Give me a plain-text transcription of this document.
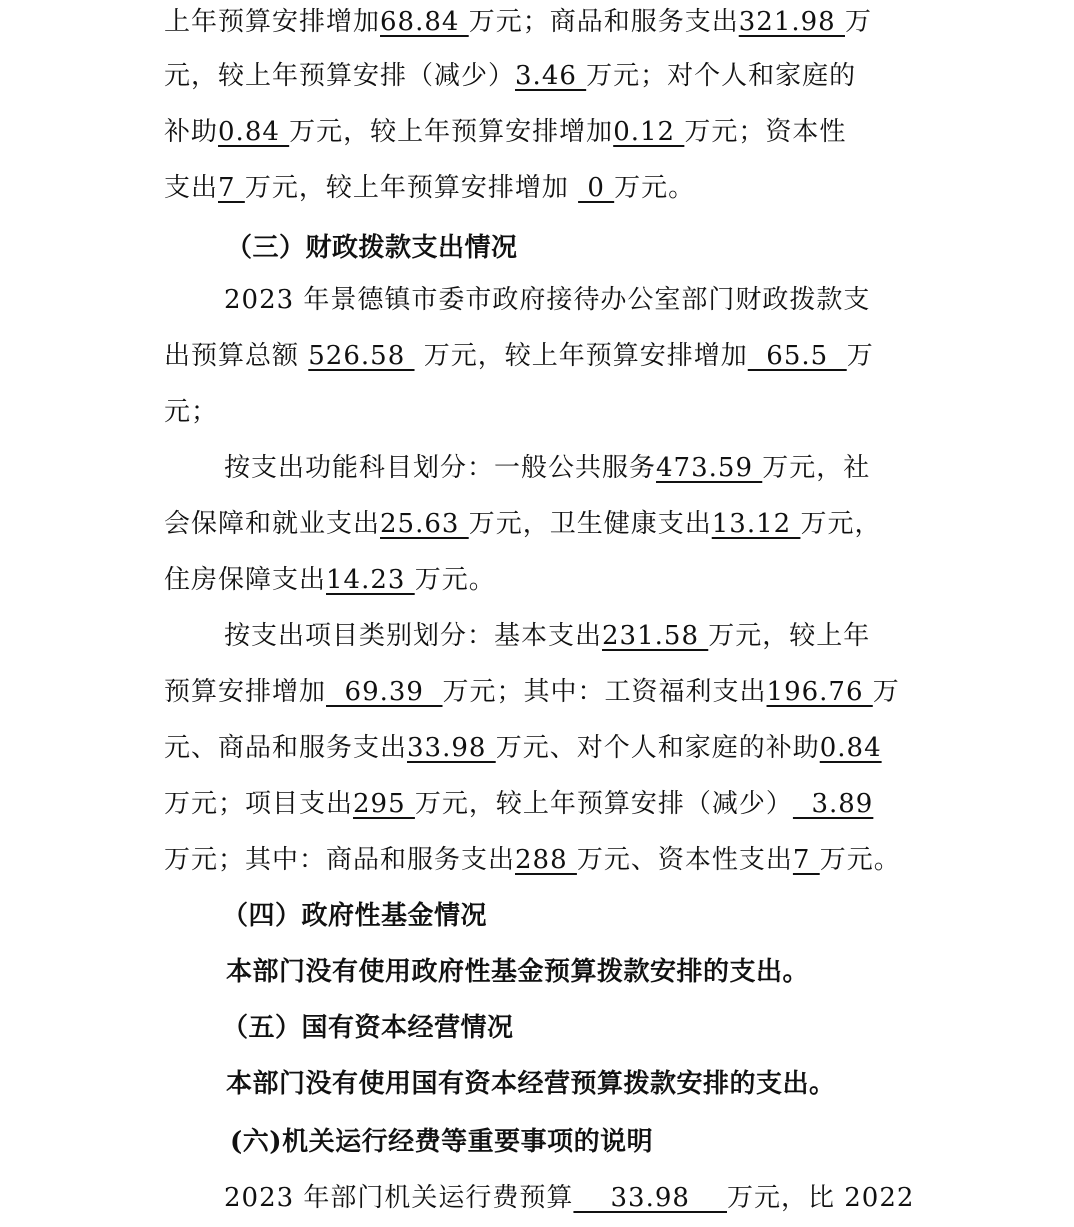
上年预算安排增加68.84 万元；商品和服务支出321.98 万
元，较上年预算安排（减少）3.46 万元；对个人和家庭的
补助0.84 万元，较上年预算安排增加0.12 万元；资本性
支出7 万元，较上年预算安排增加  0 万元。
（三）财政拨款支出情况
2023 年景德镇市委市政府接待办公室部门财政拨款支
出预算总额 526.58  万元，较上年预算安排增加  65.5  万
元；
按支出功能科目划分：一般公共服务473.59 万元，社
会保障和就业支出25.63 万元，卫生健康支出13.12 万元，
住房保障支出14.23 万元。
按支出项目类别划分：基本支出231.58 万元，较上年
预算安排增加  69.39  万元；其中：工资福利支出196.76 万
元、商品和服务支出33.98 万元、对个人和家庭的补助0.84
万元；项目支出295 万元，较上年预算安排（减少）  3.89
万元；其中：商品和服务支出288 万元、资本性支出7 万元。
（四）政府性基金情况
本部门没有使用政府性基金预算拨款安排的支出。
（五）国有资本经营情况
本部门没有使用国有资本经营预算拨款安排的支出。
(六)机关运行经费等重要事项的说明
2023 年部门机关运行费预算    33.98    万元，比 2022
